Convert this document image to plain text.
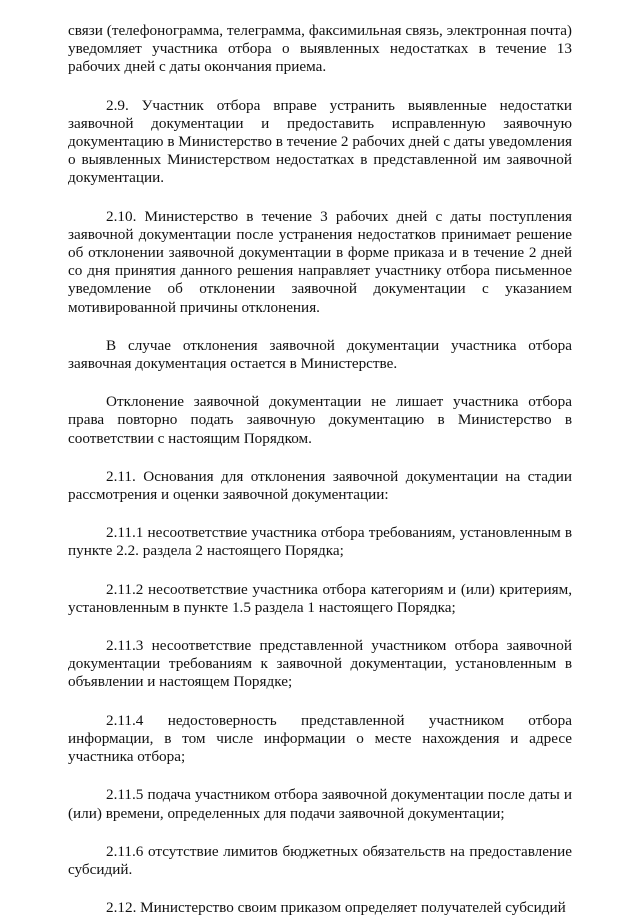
связи (телефонограмма, телеграмма, факсимильная связь, электронная почта) уведомляет участника отбора о выявленных недостатках в течение 13 рабочих дней с даты окончания приема.

2.9. Участник отбора вправе устранить выявленные недостатки заявочной документации и предоставить исправленную заявочную документацию в Министерство в течение 2 рабочих дней с даты уведомления о выявленных Министерством недостатках в представленной им заявочной документации.

2.10. Министерство в течение 3 рабочих дней с даты поступления заявочной документации после устранения недостатков принимает решение об отклонении заявочной документации в форме приказа и в течение 2 дней со дня принятия данного решения направляет участнику отбора письменное уведомление об отклонении заявочной документации с указанием мотивированной причины отклонения.

В случае отклонения заявочной документации участника отбора заявочная документация остается в Министерстве.

Отклонение заявочной документации не лишает участника отбора права повторно подать заявочную документацию в Министерство в соответствии с настоящим Порядком.

2.11. Основания для отклонения заявочной документации на стадии рассмотрения и оценки заявочной документации:

2.11.1 несоответствие участника отбора требованиям, установленным в пункте 2.2. раздела 2 настоящего Порядка;

2.11.2 несоответствие участника отбора категориям и (или) критериям, установленным в пункте 1.5 раздела 1 настоящего Порядка;

2.11.3 несоответствие представленной участником отбора заявочной документации требованиям к заявочной документации, установленным в объявлении и настоящем Порядке;

2.11.4 недостоверность представленной участником отбора информации, в том числе информации о месте нахождения и адресе участника отбора;

2.11.5 подача участником отбора заявочной документации после даты и (или) времени, определенных для подачи заявочной документации;

2.11.6 отсутствие лимитов бюджетных обязательств на предоставление субсидий.

2.12. Министерство своим приказом определяет получателей субсидий
